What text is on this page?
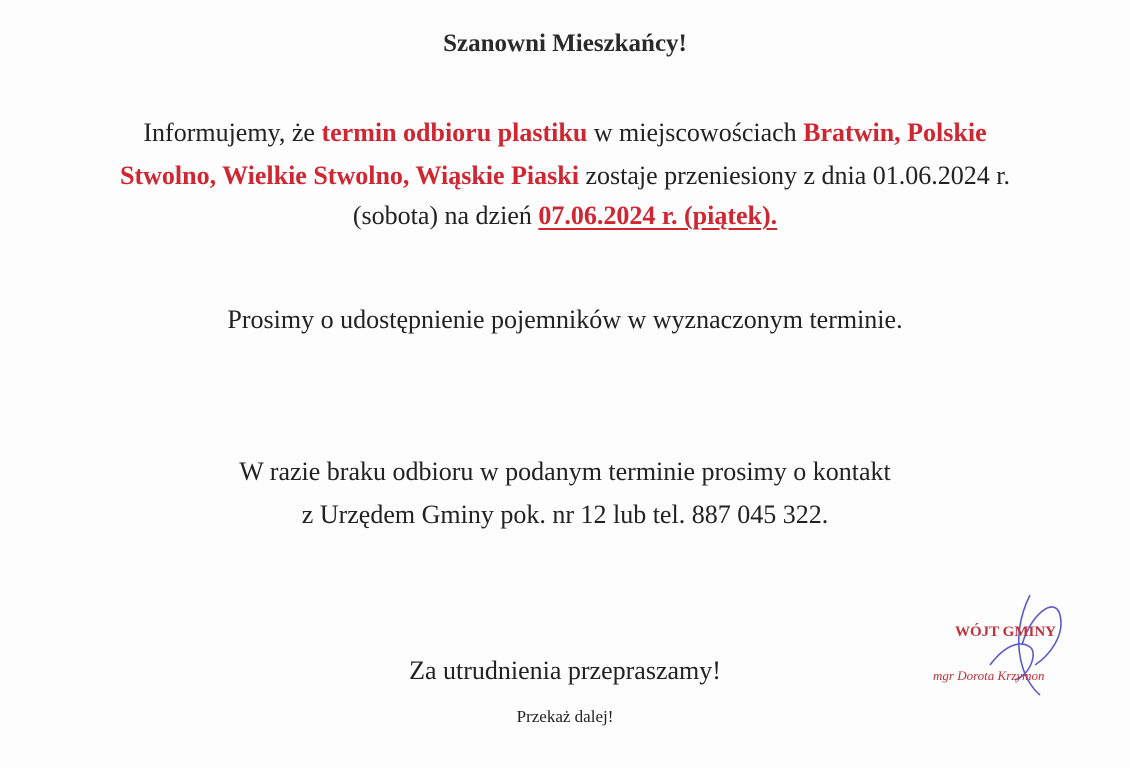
Szanowni Mieszkańcy!
Informujemy, że termin odbioru plastiku w miejscowościach Bratwin, Polskie
Stwolno, Wielkie Stwolno, Wiąskie Piaski zostaje przeniesiony z dnia 01.06.2024 r.
(sobota) na dzień 07.06.2024 r. (piątek).
Prosimy o udostępnienie pojemników w wyznaczonym terminie.
W razie braku odbioru w podanym terminie prosimy o kontakt
z Urzędem Gminy pok. nr 12 lub tel. 887 045 322.
Za utrudnienia przepraszamy!
Przekaż dalej!
WÓJT GMINY
mgr Dorota Krzymon
